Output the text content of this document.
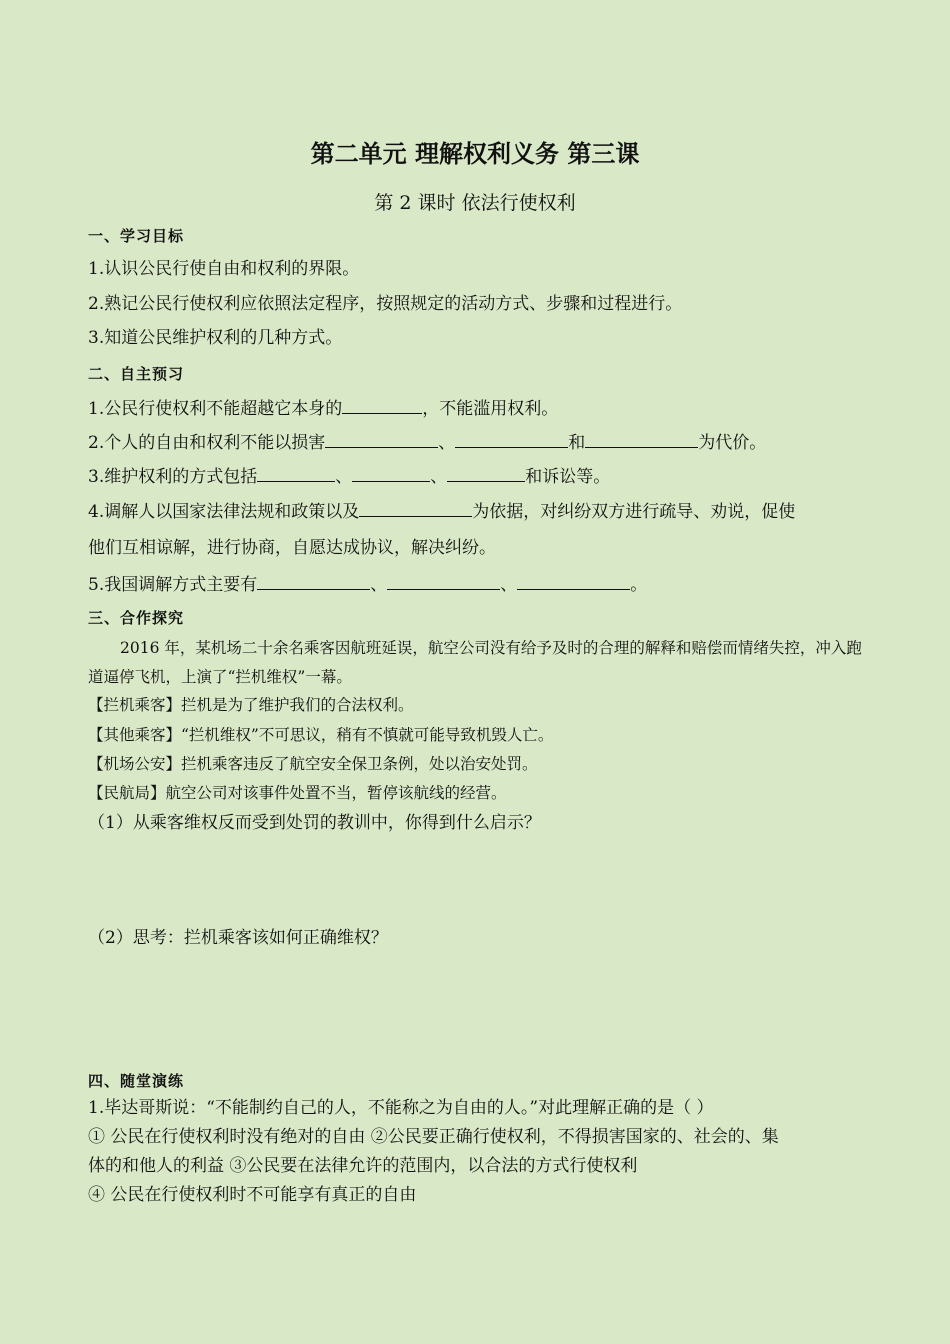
第二单元 理解权利义务 第三课
第 2 课时 依法行使权利
一、学习目标
1.认识公民行使自由和权利的界限。
2.熟记公民行使权利应依照法定程序，按照规定的活动方式、步骤和过程进行。
3.知道公民维护权利的几种方式。
二、自主预习
1.公民行使权利不能超越它本身的	，不能滥用权利。
2.个人的自由和权利不能以损害	、	和	为代价。
3.维护权利的方式包括	、	、	和诉讼等。
4.调解人以国家法律法规和政策以及	为依据，对纠纷双方进行疏导、劝说，促使
他们互相谅解，进行协商，自愿达成协议，解决纠纷。
5.我国调解方式主要有	、	、	。
三、合作探究
2016 年，某机场二十余名乘客因航班延误，航空公司没有给予及时的合理的解释和赔偿而情绪失控，冲入跑道逼停飞机，上演了“拦机维权”一幕。
【拦机乘客】拦机是为了维护我们的合法权利。
【其他乘客】“拦机维权”不可思议，稍有不慎就可能导致机毁人亡。
【机场公安】拦机乘客违反了航空安全保卫条例，处以治安处罚。
【民航局】航空公司对该事件处置不当，暂停该航线的经营。
（1）从乘客维权反而受到处罚的教训中，你得到什么启示？
（2）思考：拦机乘客该如何正确维权？
四、随堂演练
1.毕达哥斯说：“不能制约自己的人，不能称之为自由的人。”对此理解正确的是（ ）
① 公民在行使权利时没有绝对的自由 ②公民要正确行使权利，不得损害国家的、社会的、集
体的和他人的利益 ③公民要在法律允许的范围内，以合法的方式行使权利
④ 公民在行使权利时不可能享有真正的自由
